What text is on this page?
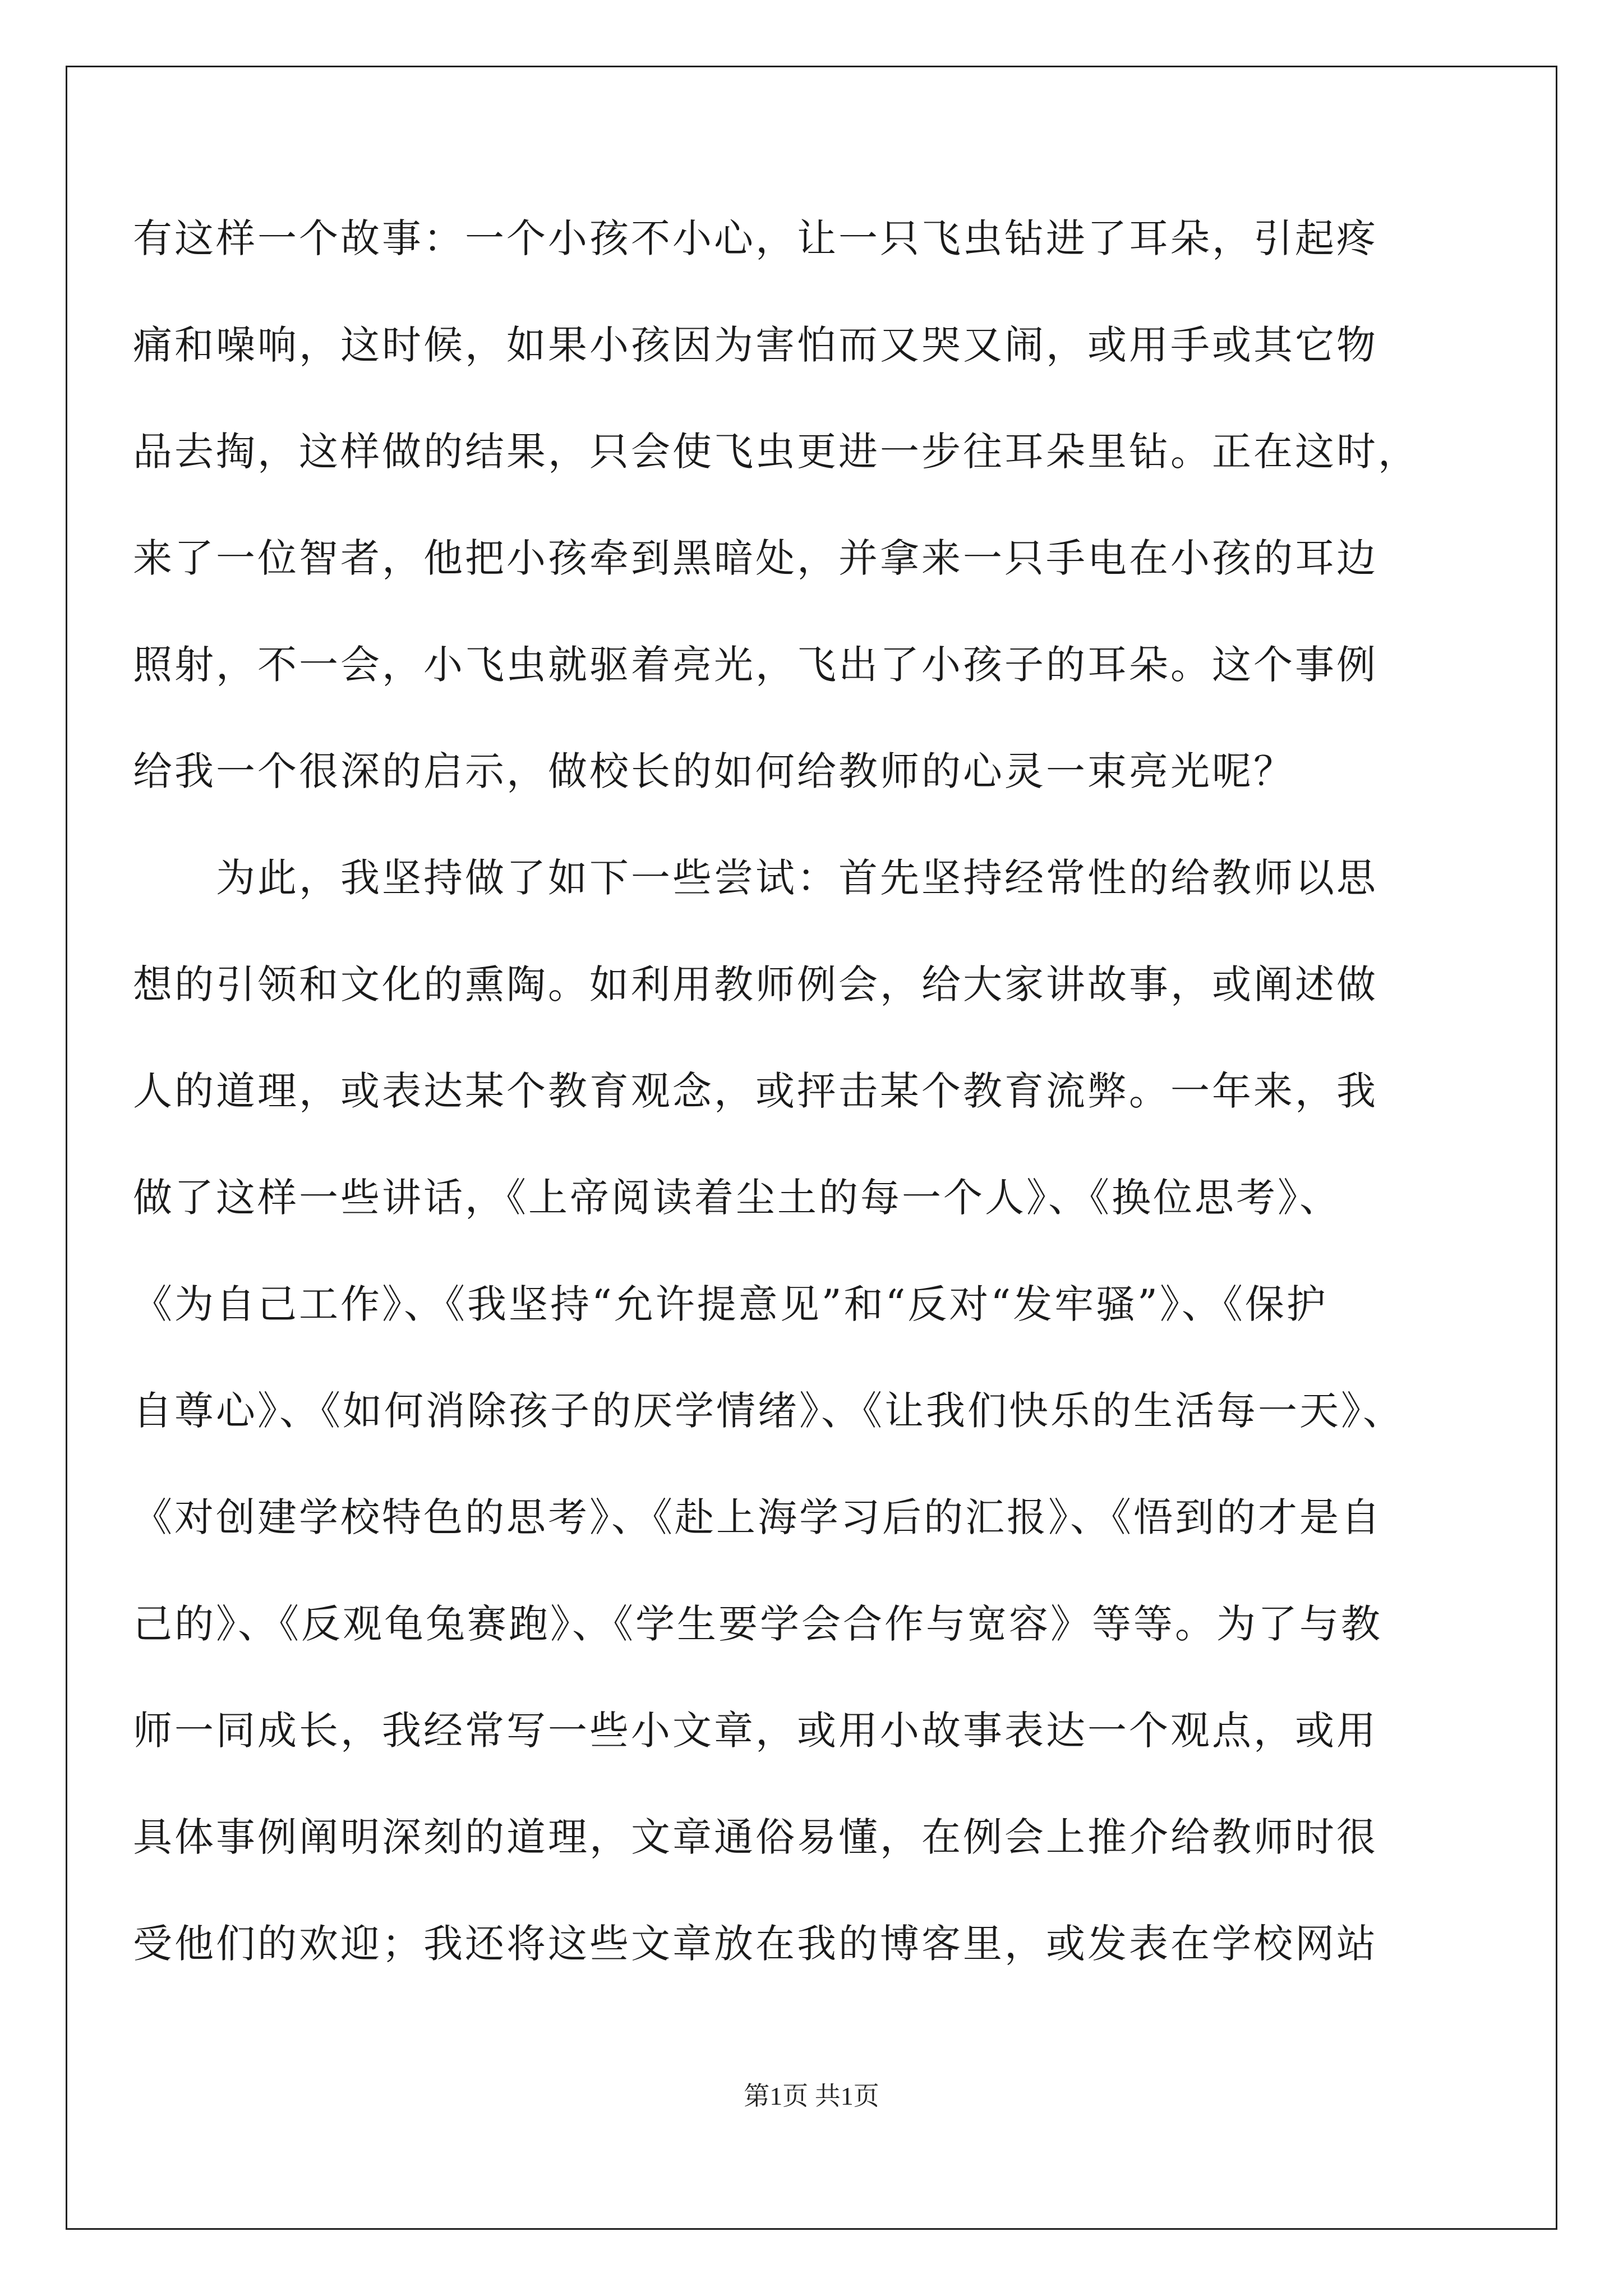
有这样一个故事：一个小孩不小心，让一只飞虫钻进了耳朵，引起疼
痛和噪响，这时候，如果小孩因为害怕而又哭又闹，或用手或其它物
品去掏，这样做的结果，只会使飞虫更进一步往耳朵里钻。正在这时，
来了一位智者，他把小孩牵到黑暗处，并拿来一只手电在小孩的耳边
照射，不一会，小飞虫就驱着亮光，飞出了小孩子的耳朵。这个事例
给我一个很深的启示，做校长的如何给教师的心灵一束亮光呢？
为此，我坚持做了如下一些尝试：首先坚持经常性的给教师以思
想的引领和文化的熏陶。如利用教师例会，给大家讲故事，或阐述做
人的道理，或表达某个教育观念，或抨击某个教育流弊。一年来，我
做了这样一些讲话，《上帝阅读着尘土的每一个人》、《换位思考》、
《为自己工作》、《我坚持“允许提意见”和“反对“发牢骚”》、《保护
自尊心》、《如何消除孩子的厌学情绪》、《让我们快乐的生活每一天》、
《对创建学校特色的思考》、《赴上海学习后的汇报》、《悟到的才是自
己的》、《反观龟兔赛跑》、《学生要学会合作与宽容》等等。为了与教
师一同成长，我经常写一些小文章，或用小故事表达一个观点，或用
具体事例阐明深刻的道理，文章通俗易懂，在例会上推介给教师时很
受他们的欢迎；我还将这些文章放在我的博客里，或发表在学校网站
第1页 共1页
